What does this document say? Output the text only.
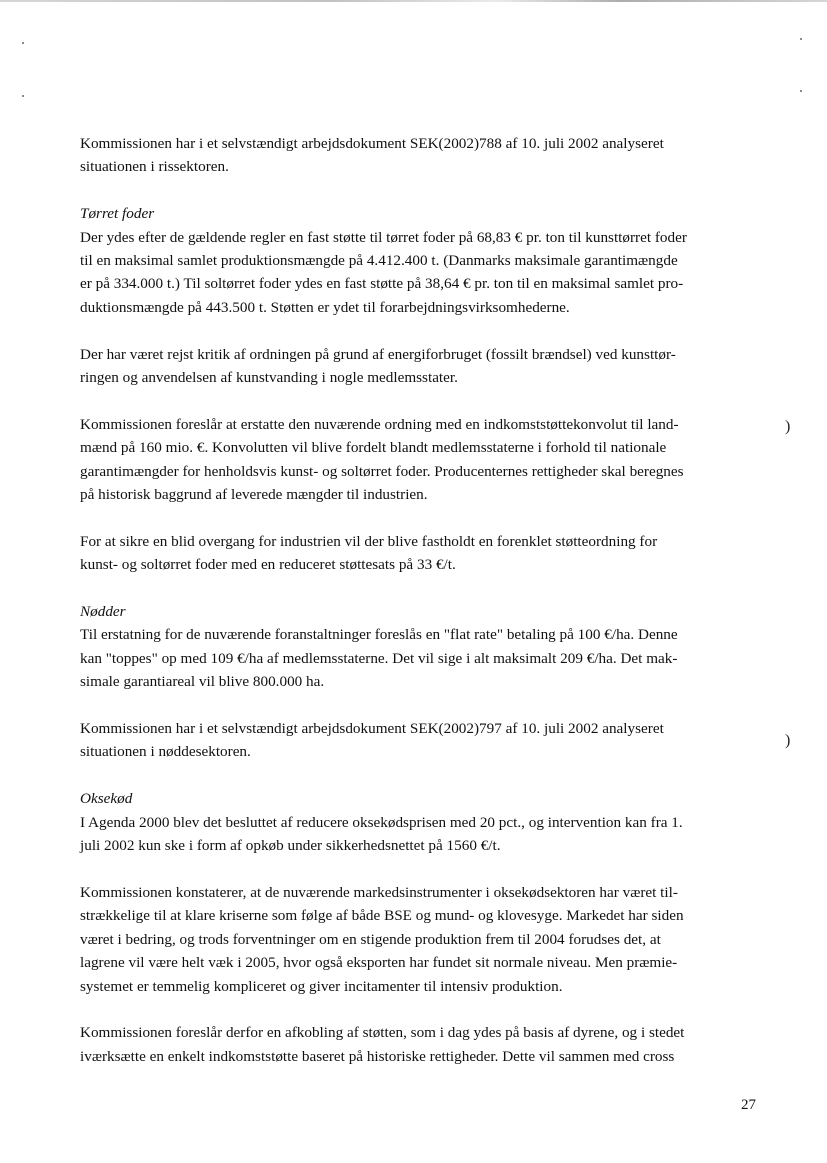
Kommissionen har i et selvstændigt arbejdsdokument SEK(2002)788 af 10. juli 2002 analyseret
situationen i rissektoren.
Tørret foder
Der ydes efter de gældende regler en fast støtte til tørret foder på 68,83 € pr. ton til kunsttørret foder
til en maksimal samlet produktionsmængde på 4.412.400 t. (Danmarks maksimale garantimængde
er på 334.000 t.) Til soltørret foder ydes en fast støtte på 38,64 € pr. ton til en maksimal samlet pro-
duktionsmængde på 443.500 t. Støtten er ydet til forarbejdningsvirksomhederne.
Der har været rejst kritik af ordningen på grund af energiforbruget (fossilt brændsel) ved kunsttør-
ringen og anvendelsen af kunstvanding i nogle medlemsstater.
Kommissionen foreslår at erstatte den nuværende ordning med en indkomststøttekonvolut til land-
mænd på 160 mio. €. Konvolutten vil blive fordelt blandt medlemsstaterne i forhold til nationale
garantimængder for henholdsvis kunst- og soltørret foder. Producenternes rettigheder skal beregnes
på historisk baggrund af leverede mængder til industrien.
For at sikre en blid overgang for industrien vil der blive fastholdt en forenklet støtteordning for
kunst- og soltørret foder med en reduceret støttesats på 33 €/t.
Nødder
Til erstatning for de nuværende foranstaltninger foreslås en "flat rate" betaling på 100 €/ha. Denne
kan "toppes" op med 109 €/ha af medlemsstaterne. Det vil sige i alt maksimalt 209 €/ha. Det mak-
simale garantiareal vil blive 800.000 ha.
Kommissionen har i et selvstændigt arbejdsdokument SEK(2002)797 af 10. juli 2002 analyseret
situationen i nøddesektoren.
Oksekød
I Agenda 2000 blev det besluttet af reducere oksekødsprisen med 20 pct., og intervention kan fra 1.
juli 2002 kun ske i form af opkøb under sikkerhedsnettet på 1560 €/t.
Kommissionen konstaterer, at de nuværende markedsinstrumenter i oksekødsektoren har været til-
strækkelige til at klare kriserne som følge af både BSE og mund- og klovesyge. Markedet har siden
været i bedring, og trods forventninger om en stigende produktion frem til 2004 forudses det, at
lagrene vil være helt væk i 2005, hvor også eksporten har fundet sit normale niveau. Men præmie-
systemet er temmelig kompliceret og giver incitamenter til intensiv produktion.
Kommissionen foreslår derfor en afkobling af støtten, som i dag ydes på basis af dyrene, og i stedet
iværksætte en enkelt indkomststøtte baseret på historiske rettigheder. Dette vil sammen med cross
27
)
)
